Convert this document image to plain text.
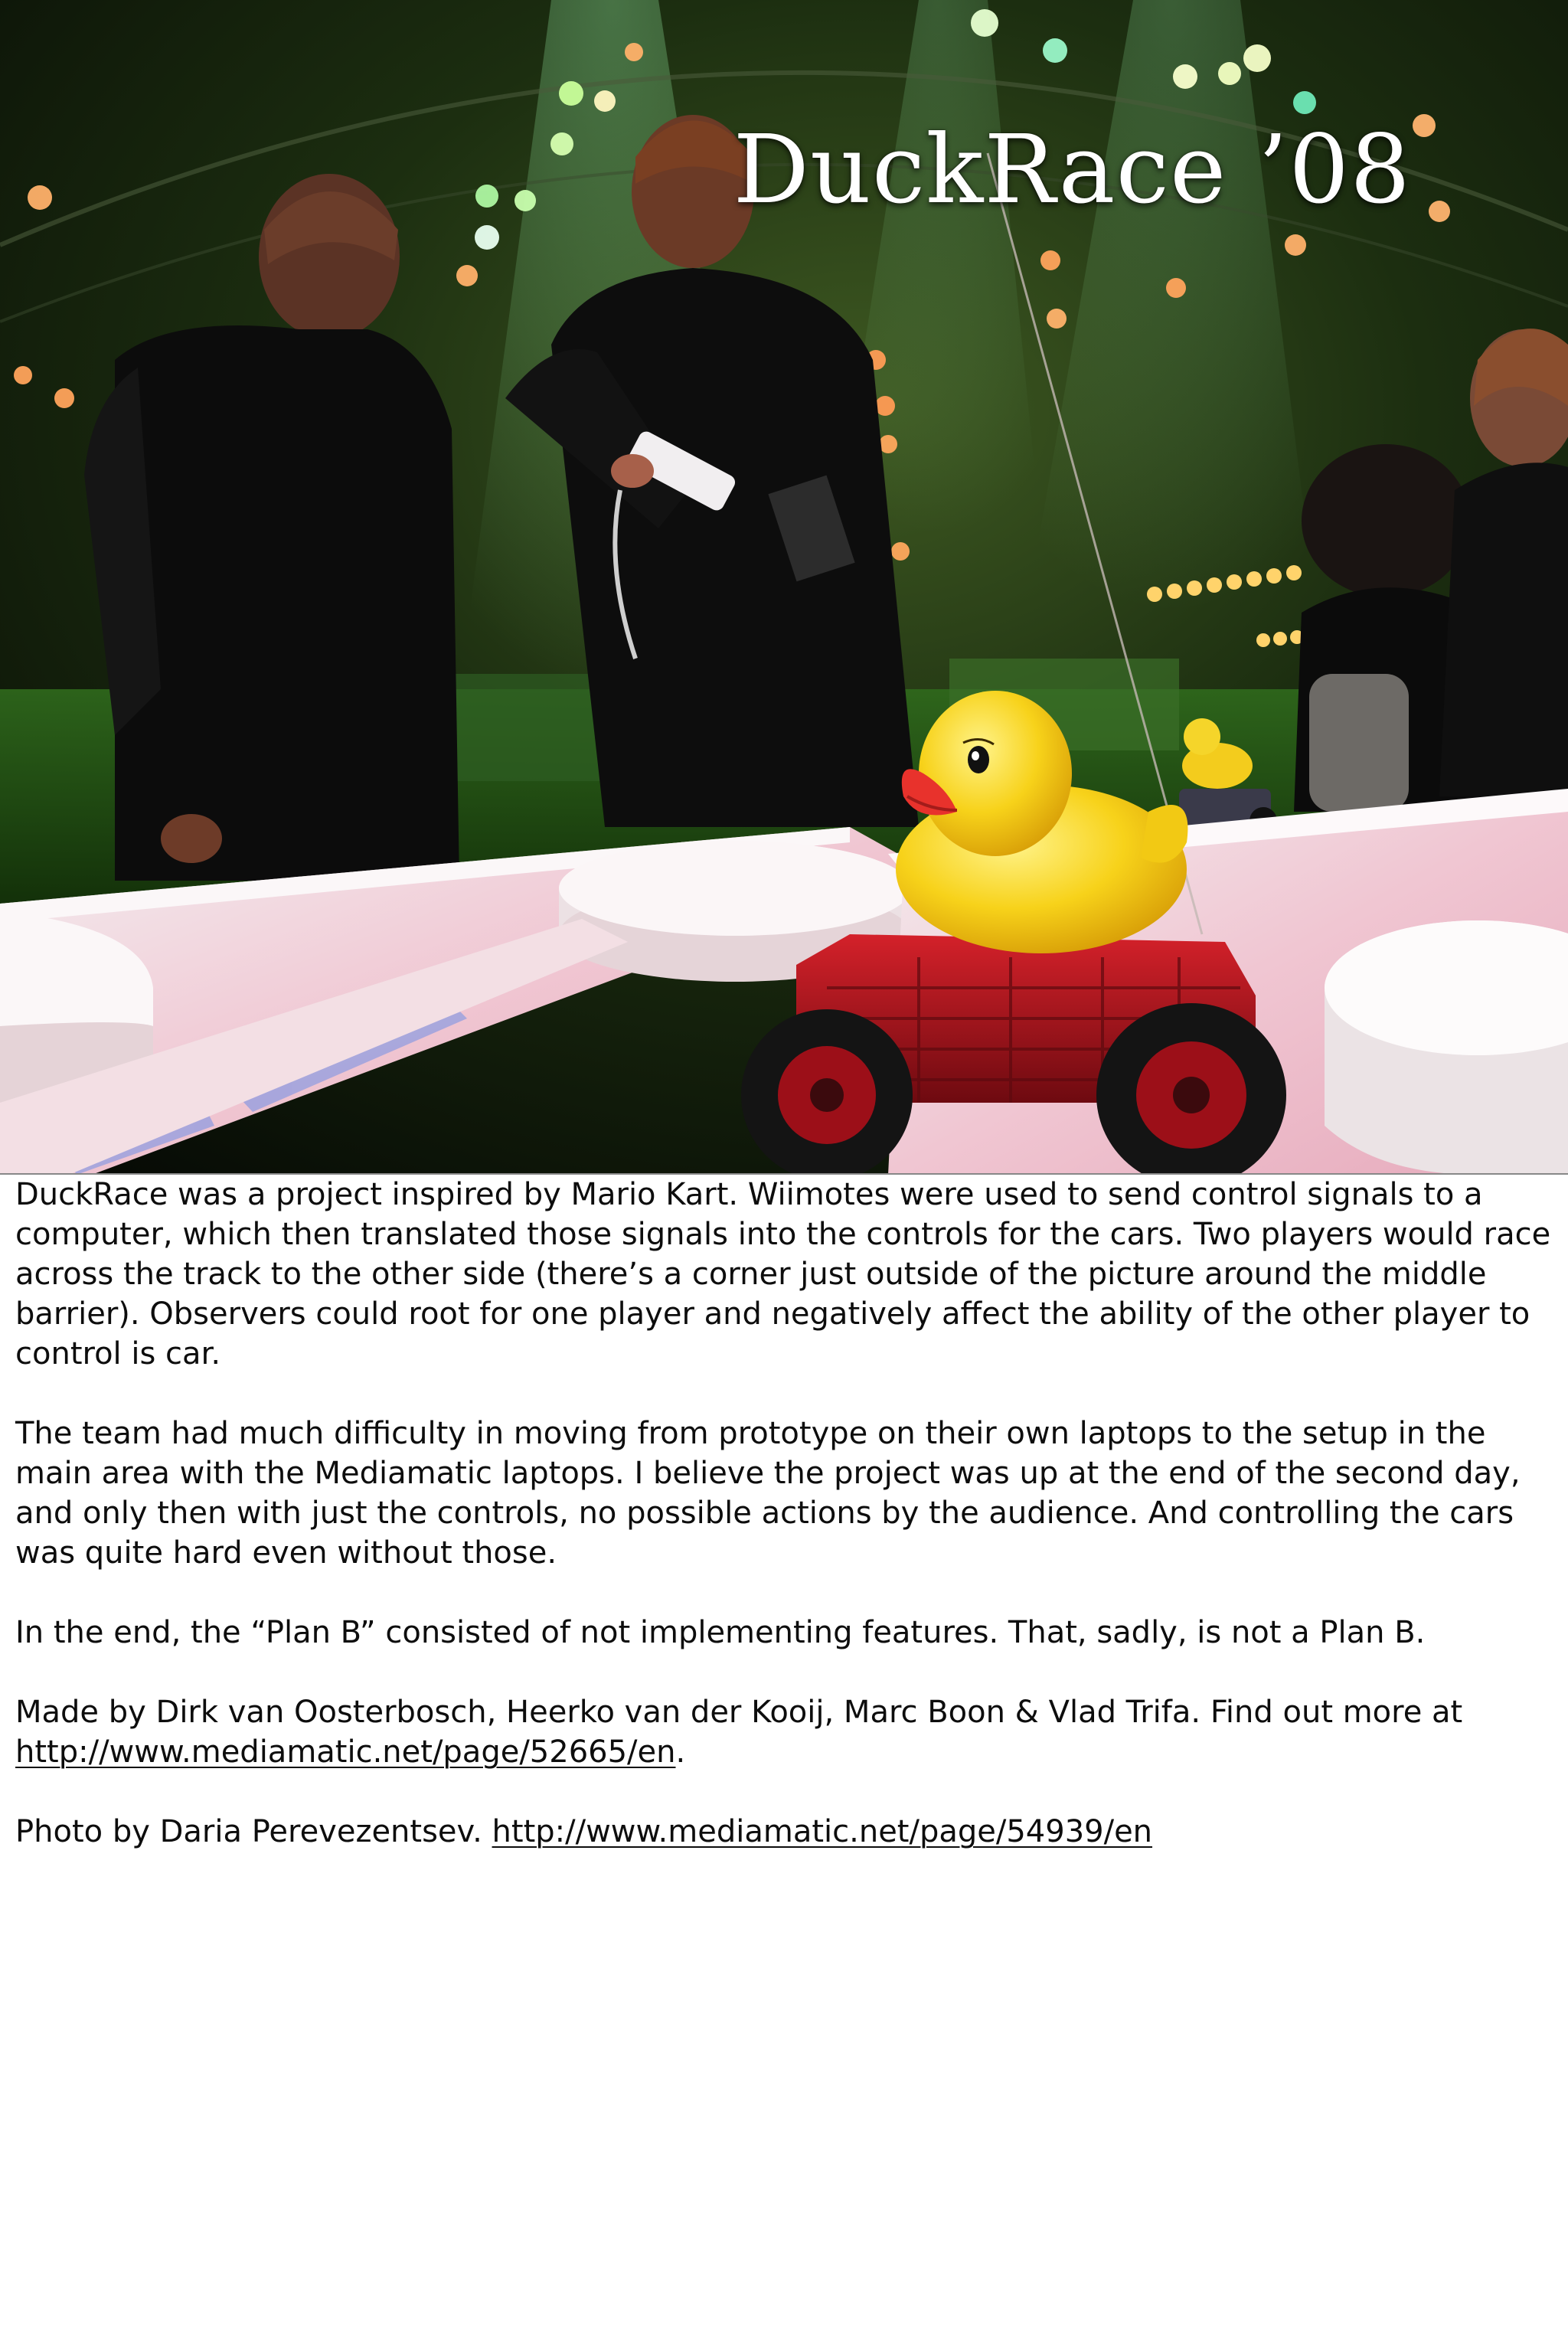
DuckRace ’08

DuckRace was a project inspired by Mario Kart. Wiimotes were used to send control signals to a computer, which then translated those signals into the controls for the cars. Two players would race across the track to the other side (there’s a corner just outside of the picture around the middle barrier). Observers could root for one player and negatively affect the ability of the other player to control is car.

The team had much difficulty in moving from prototype on their own laptops to the setup in the main area with the Mediamatic laptops. I believe the project was up at the end of the second day, and only then with just the controls, no possible actions by the audience. And controlling the cars was quite hard even without those.

In the end, the “Plan B” consisted of not implementing features. That, sadly, is not a Plan B.

Made by Dirk van Oosterbosch, Heerko van der Kooij, Marc Boon & Vlad Trifa. Find out more at http://www.mediamatic.net/page/52665/en.

Photo by Daria Perevezentsev. http://www.mediamatic.net/page/54939/en
